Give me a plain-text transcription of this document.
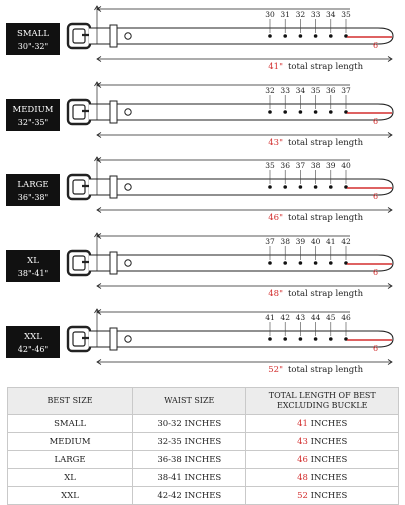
SMALL
30"-32"
30 31 32 33 34 35
6
41" total strap length
MEDIUM
32"-35"
32 33 34 35 36 37
6
43" total strap length
LARGE
36"-38"
35 36 37 38 39 40
6
46" total strap length
XL
38"-41"
37 38 39 40 41 42
6
48" total strap length
XXL
42"-46"
41 42 43 44 45 46
6
52" total strap length
BEST SIZE	WAIST SIZE	TOTAL LENGTH OF BEST
EXCLUDING BUCKLE

SMALL	30-32 INCHES	41 INCHES
MEDIUM	32-35 INCHES	43 INCHES
LARGE	36-38 INCHES	46 INCHES
XL	38-41 INCHES	48 INCHES
XXL	42-42 INCHES	52 INCHES
